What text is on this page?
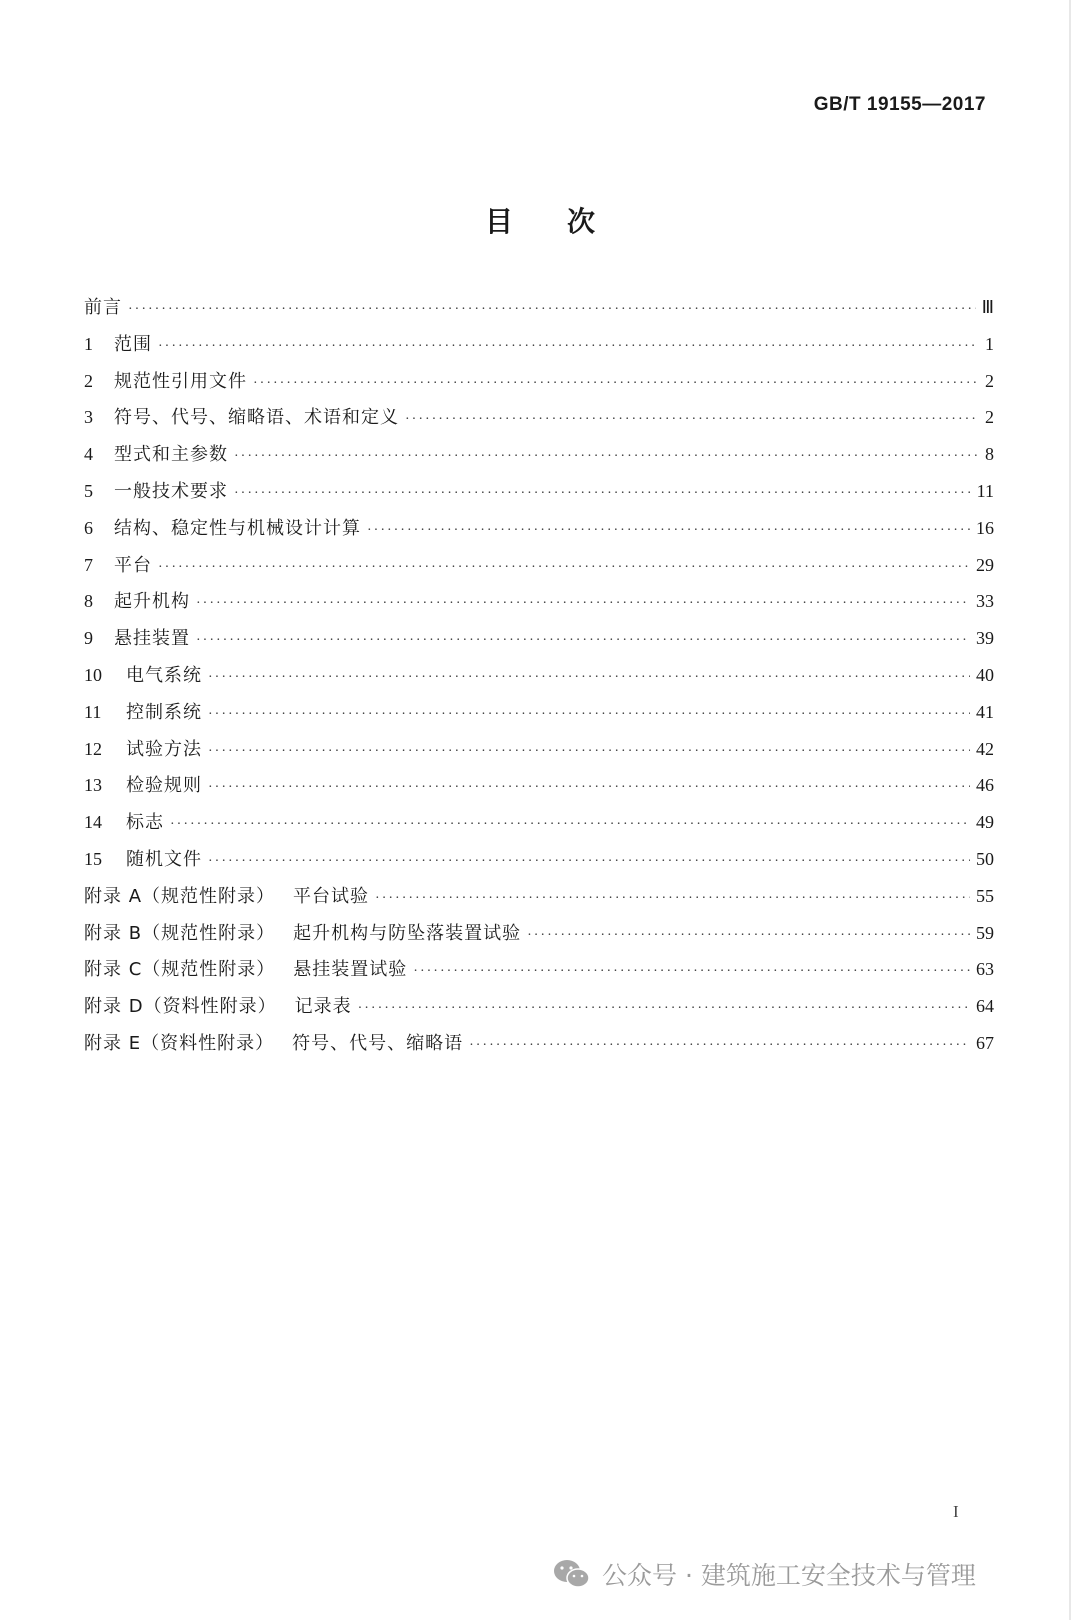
GB/T 19155—2017
目次
前言 ·····	Ⅲ
1	范围 ·····	1
2	规范性引用文件 ·····	2
3	符号、代号、缩略语、术语和定义 ·····	2
4	型式和主参数 ·····	8
5	一般技术要求 ·····	11
6	结构、稳定性与机械设计计算 ·····	16
7	平台 ·····	29
8	起升机构 ·····	33
9	悬挂装置 ·····	39
10	电气系统 ·····	40
11	控制系统 ·····	41
12	试验方法 ·····	42
13	检验规则 ·····	46
14	标志 ·····	49
15	随机文件 ·····	50
附录 A（规范性附录） 平台试验 ·····	55
附录 B（规范性附录） 起升机构与防坠落装置试验 ·····	59
附录 C（规范性附录） 悬挂装置试验 ·····	63
附录 D（资料性附录） 记录表 ·····	64
附录 E（资料性附录） 符号、代号、缩略语 ·····	67
I
公众号 · 建筑施工安全技术与管理
